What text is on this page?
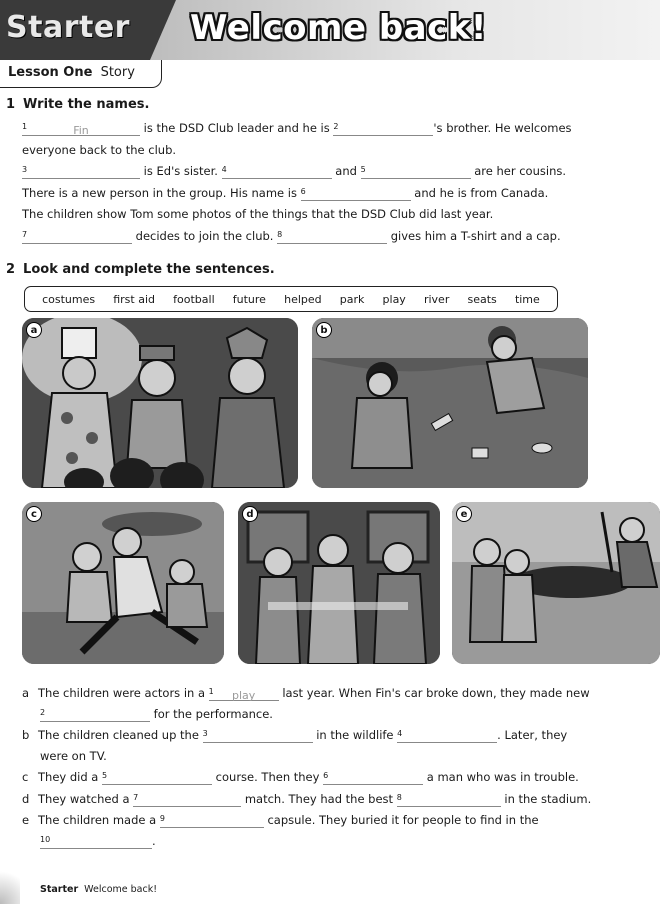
Starter Welcome back!
Lesson One Story
1 Write the names.
1	Fin	is the DSD Club leader and he is 2	's brother. He welcomes
everyone back to the club.
3	is Ed's sister. 4	and 5	are her cousins.
There is a new person in the group. His name is 6	and he is from Canada.
The children show Tom some photos of the things that the DSD Club did last year.
7	decides to join the club. 8	gives him a T-shirt and a cap.
2 Look and complete the sentences.
costumes first aid football future helped park play river seats time
a	b
c	d	e
a The children were actors in a 1	play	last year. When Fin's car broke down, they made new
2	for the performance.
b The children cleaned up the 3	in the wildlife 4	. Later, they
were on TV.
c They did a 5	course. Then they 6	a man who was in trouble.
d They watched a 7	match. They had the best 8	in the stadium.
e The children made a 9	capsule. They buried it for people to find in the
10	.
Starter Welcome back!
